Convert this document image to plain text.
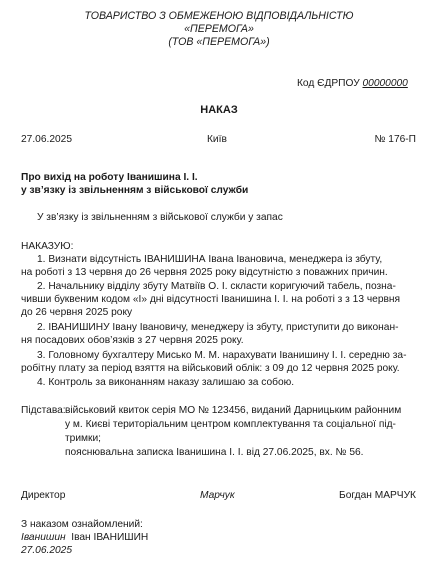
ТОВАРИСТВО З ОБМЕЖЕНОЮ ВІДПОВІДАЛЬНІСТЮ
«ПЕРЕМОГА»
(ТОВ «ПЕРЕМОГА»)
Код ЄДРПОУ 00000000
НАКАЗ
27.06.2025	Київ	№ 176-П
Про вихід на роботу Іванишина І. І.
у зв’язку із звільненням з військової служби
У зв’язку із звільненням з військової служби у запас
НАКАЗУЮ:
1. Визнати відсутність ІВАНИШИНА Івана Івановича, менеджера із збуту,
на роботі з 13 червня до 26 червня 2025 року відсутністю з поважних причин.
2. Начальнику відділу збуту Матвіїв О. І. скласти коригуючий табель, позна-
чивши буквеним кодом «І» дні відсутності Іванишина І. І. на роботі з з 13 червня
до 26 червня 2025 року
2. ІВАНИШИНУ Івану Івановичу, менеджеру із збуту, приступити до виконан-
ня посадових обов’язків з 27 червня 2025 року.
3. Головному бухгалтеру Мисько М. М. нарахувати Іванишину І. І. середню за-
робітну плату за період взяття на військовий облік: з 09 до 12 червня 2025 року.
4. Контроль за виконанням наказу залишаю за собою.
Підстава: військовий квиток серія МО № 123456, виданий Дарницьким районним
у м. Києві територіальним центром комплектування та соціальної під-
тримки;
пояснювальна записка Іванишина І. І. від 27.06.2025, вх. № 56.
Директор	Марчук	Богдан МАРЧУК
З наказом ознайомлений:
Іванишин Іван ІВАНИШИН
27.06.2025
